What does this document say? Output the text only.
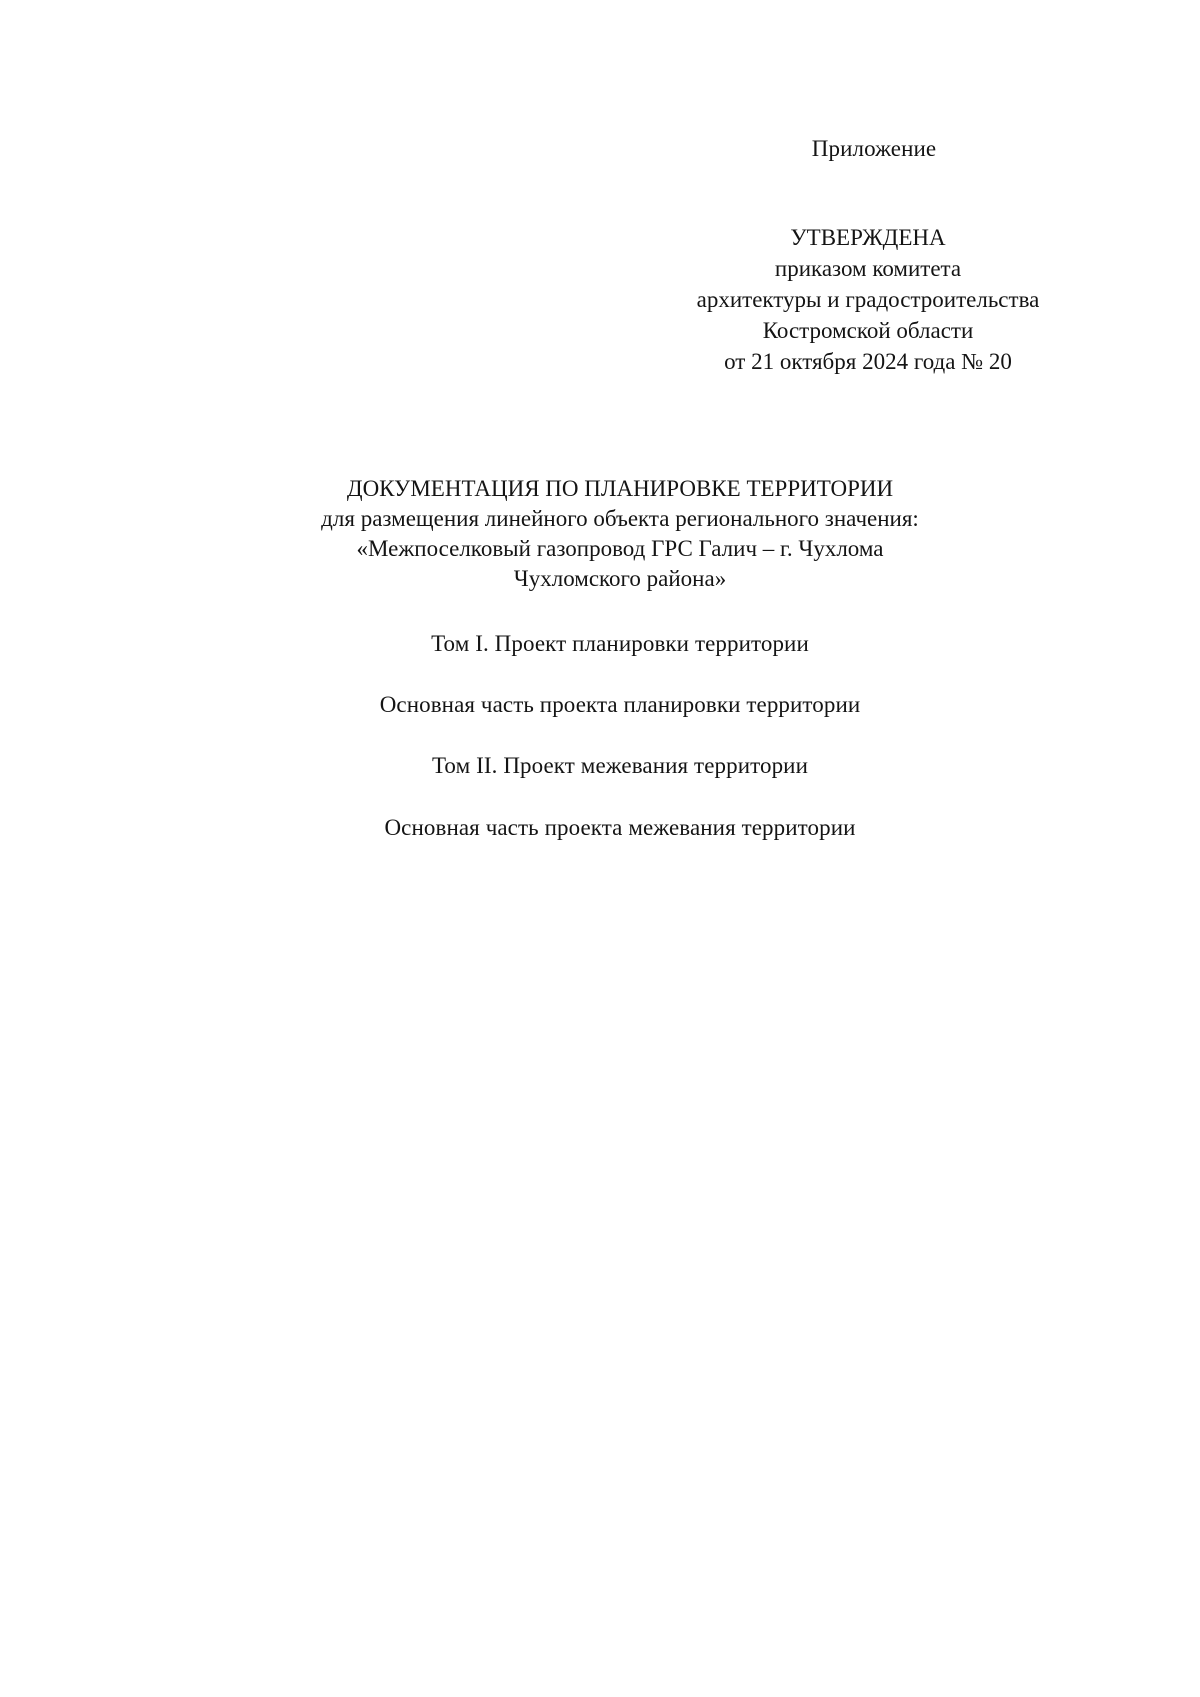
Приложение
УТВЕРЖДЕНА
приказом комитета
архитектуры и градостроительства
Костромской области
от 21 октября 2024 года № 20
ДОКУМЕНТАЦИЯ ПО ПЛАНИРОВКЕ ТЕРРИТОРИИ
для размещения линейного объекта регионального значения:
«Межпоселковый газопровод ГРС Галич – г. Чухлома
Чухломского района»
Том I. Проект планировки территории
Основная часть проекта планировки территории
Том II. Проект межевания территории
Основная часть проекта межевания территории
